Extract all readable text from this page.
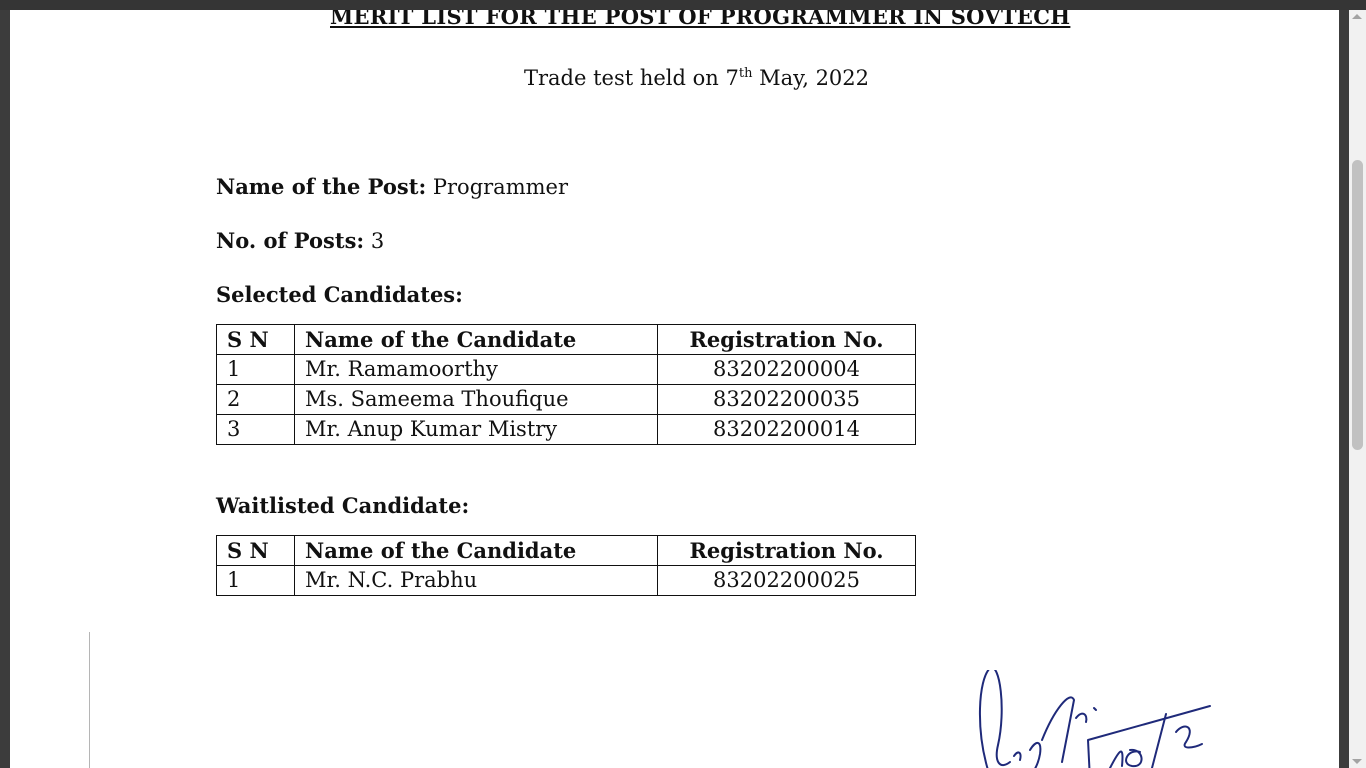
MERIT LIST FOR THE POST OF PROGRAMMER IN SOVTECH
Trade test held on 7th May, 2022
Name of the Post: Programmer
No. of Posts: 3
Selected Candidates:
S N	Name of the Candidate	Registration No.
1	Mr. Ramamoorthy	83202200004
2	Ms. Sameema Thoufique	83202200035
3	Mr. Anup Kumar Mistry	83202200014
Waitlisted Candidate:
S N	Name of the Candidate	Registration No.
1	Mr. N.C. Prabhu	83202200025
